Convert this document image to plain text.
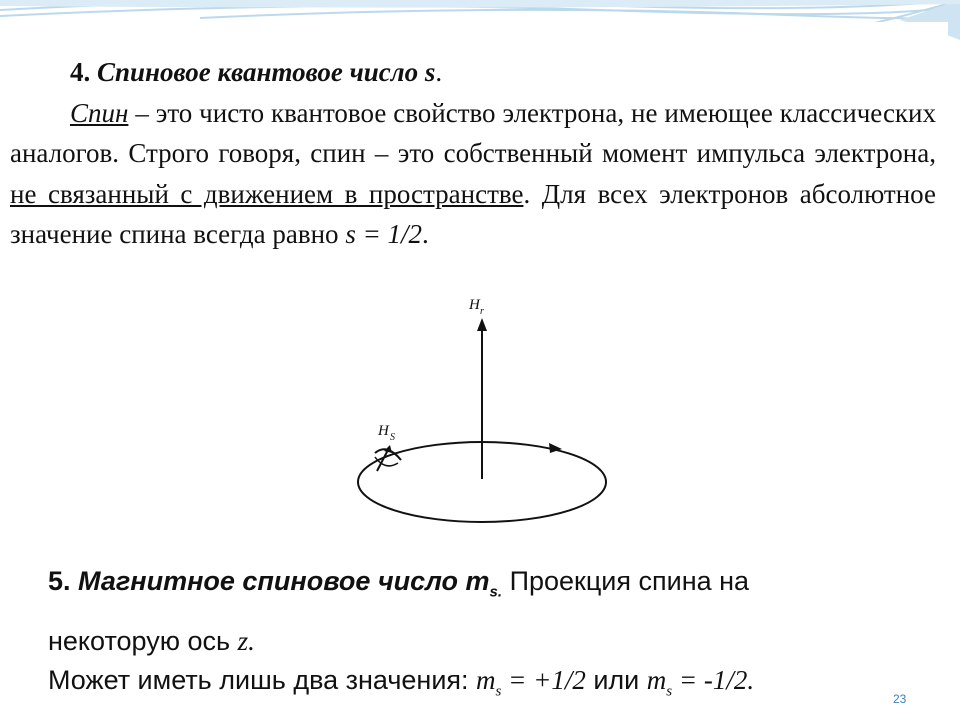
4. Спиновое квантовое число s.

Спин – это чисто квантовое свойство электрона, не имеющее классических аналогов. Строго говоря, спин – это собственный момент импульса электрона, не связанный с движением в пространстве. Для всех электронов абсолютное значение спина всегда равно s = 1/2.

H r
H S
5. Магнитное спиновое число $m_{s.}$ Проекция спина на
некоторую ось z.
Может иметь лишь два значения: $m_s = +1/2$ или $m_s = -1/2$.
23
